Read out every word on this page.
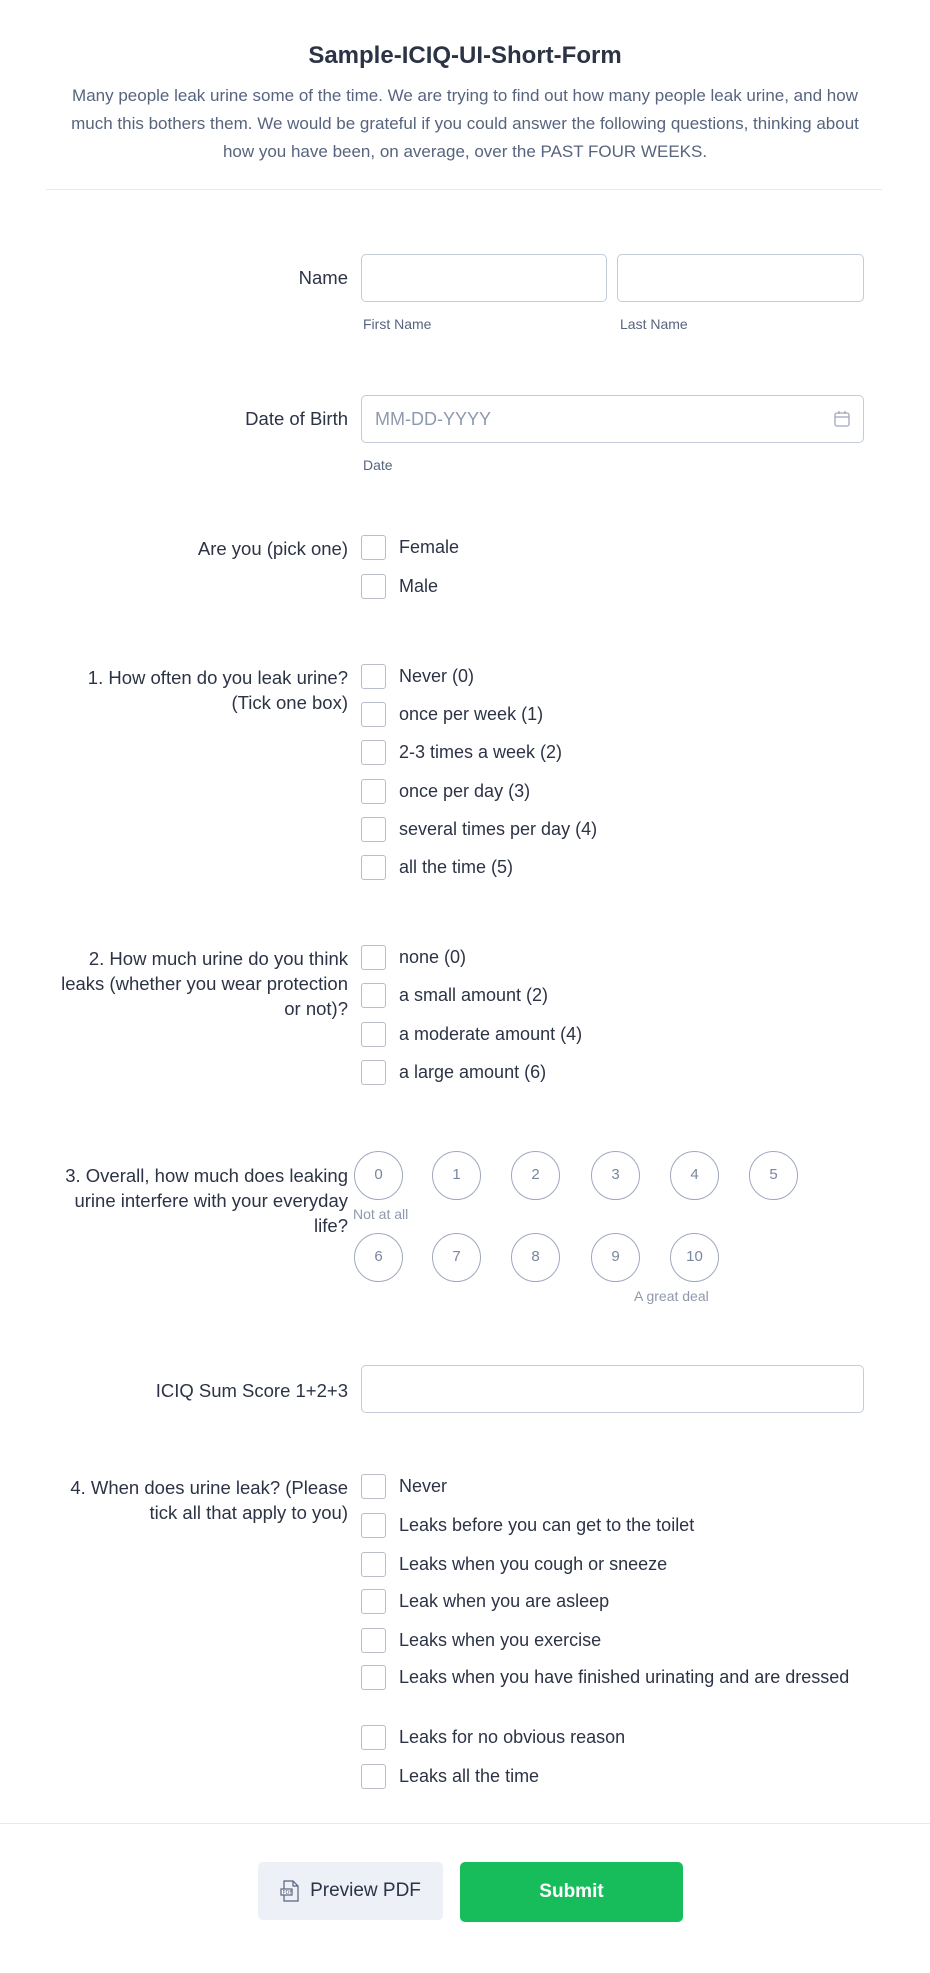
Sample-ICIQ-UI-Short-Form
Many people leak urine some of the time. We are trying to find out how many people leak urine, and how much this bothers them. We would be grateful if you could answer the following questions, thinking about how you have been, on average, over the PAST FOUR WEEKS.
Name
First Name	Last Name
Date of Birth	MM-DD-YYYY
Date
Are you (pick one)	Female
Male
1. How often do you leak urine? (Tick one box)
Never (0)
once per week (1)
2-3 times a week (2)
once per day (3)
several times per day (4)
all the time (5)
2. How much urine do you think leaks (whether you wear protection or not)?
none (0)
a small amount (2)
a moderate amount (4)
a large amount (6)
3. Overall, how much does leaking urine interfere with your everyday life?
0	1	2	3	4	5
6	7	8	9	10
Not at all
A great deal
ICIQ Sum Score 1+2+3
4. When does urine leak? (Please tick all that apply to you)
Never
Leaks before you can get to the toilet
Leaks when you cough or sneeze
Leak when you are asleep
Leaks when you exercise
Leaks when you have finished urinating and are dressed
Leaks for no obvious reason
Leaks all the time
PDF Preview PDF	Submit
